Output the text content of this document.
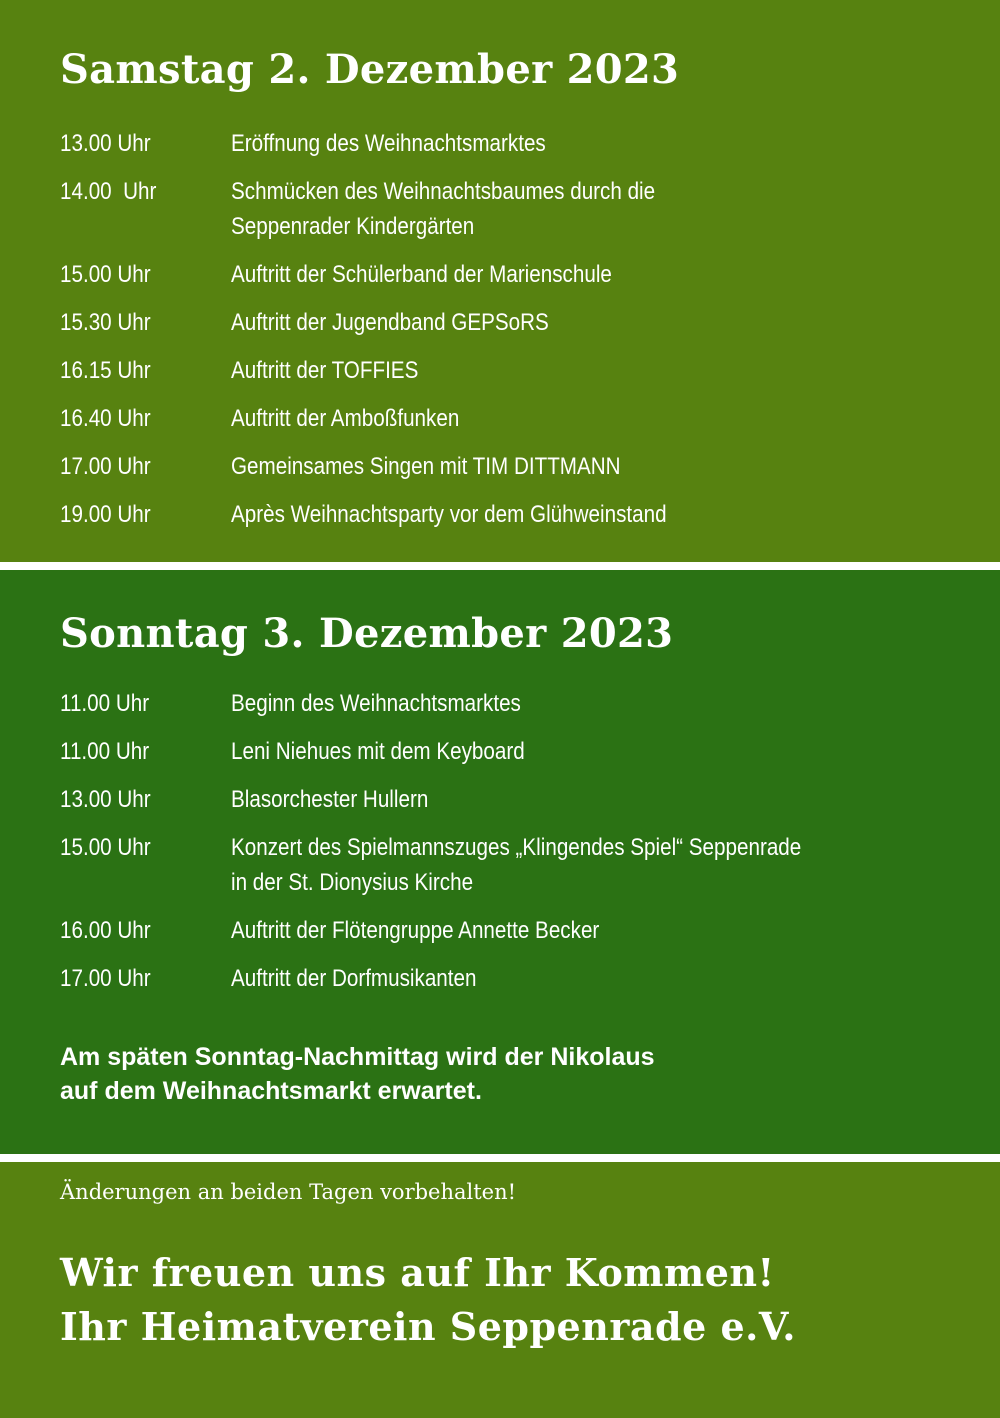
Samstag 2. Dezember 2023
13.00 Uhr	Eröffnung des Weihnachtsmarktes
14.00  Uhr	Schmücken des Weihnachtsbaumes durch die
Seppenrader Kindergärten
15.00 Uhr	Auftritt der Schülerband der Marienschule
15.30 Uhr	Auftritt der Jugendband GEPSoRS
16.15 Uhr	Auftritt der TOFFIES
16.40 Uhr	Auftritt der Amboßfunken
17.00 Uhr	Gemeinsames Singen mit TIM DITTMANN
19.00 Uhr	Après Weihnachtsparty vor dem Glühweinstand
Sonntag 3. Dezember 2023
11.00 Uhr	Beginn des Weihnachtsmarktes
11.00 Uhr	Leni Niehues mit dem Keyboard
13.00 Uhr	Blasorchester Hullern
15.00 Uhr	Konzert des Spielmannszuges „Klingendes Spiel“ Seppenrade
in der St. Dionysius Kirche
16.00 Uhr	Auftritt der Flötengruppe Annette Becker
17.00 Uhr	Auftritt der Dorfmusikanten

Am späten Sonntag-Nachmittag wird der Nikolaus
auf dem Weihnachtsmarkt erwartet.

Änderungen an beiden Tagen vorbehalten!

Wir freuen uns auf Ihr Kommen!
Ihr Heimatverein Seppenrade e.V.
